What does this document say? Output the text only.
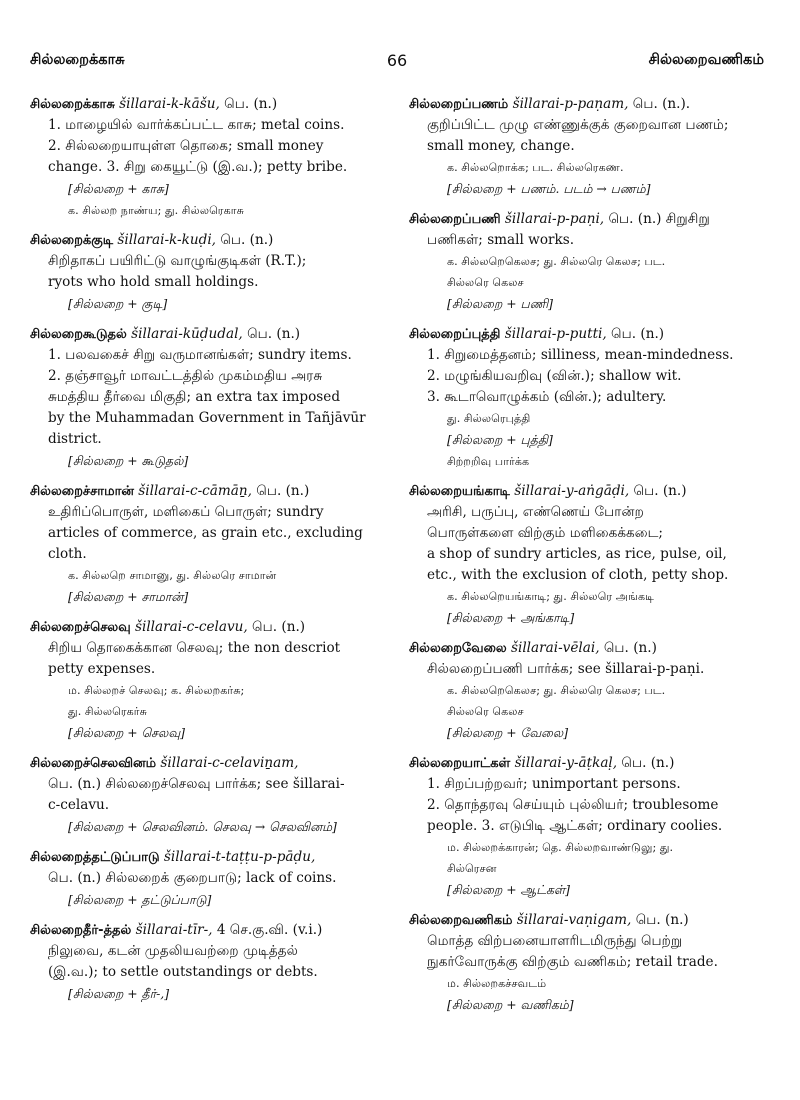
சில்லறைக்காசு	66	சில்லறைவணிகம்
சில்லறைக்காசு šillarai-k-kāšu, பெ. (n.)
1. மாழையில் வார்க்கப்பட்ட காசு; metal coins.
2. சில்லறையாயுள்ள தொகை; small money
change. 3. சிறு கையூட்டு (இ.வ.); petty bribe.
[சில்லறை + காசு]
க. சில்லற நாண்ய; து. சில்லரெகாசு
சில்லறைக்குடி šillarai-k-kuḍi, பெ. (n.)
சிறிதாகப் பயிரிட்டு வாழுங்குடிகள் (R.T.);
ryots who hold small holdings.
[சில்லறை + குடி]
சில்லறைகூடுதல் šillarai-kūḍudal, பெ. (n.)
1. பலவகைச் சிறு வருமானங்கள்; sundry items.
2. தஞ்சாவூர் மாவட்டத்தில் முகம்மதிய அரசு
சுமத்திய தீர்வை மிகுதி; an extra tax imposed
by the Muhammadan Government in Tañjāvūr
district.
[சில்லறை + கூடுதல்]
சில்லறைச்சாமான் šillarai-c-cāmāṉ, பெ. (n.)
உதிரிப்பொருள், மளிகைப் பொருள்; sundry
articles of commerce, as grain etc., excluding
cloth.
க. சில்லறெ சாமானு, து. சில்லரெ சாமான்
[சில்லறை + சாமான்]
சில்லறைச்செலவு šillarai-c-celavu, பெ. (n.)
சிறிய தொகைக்கான செலவு; the non descriot
petty expenses.
ம. சில்லறச் செலவு; க. சில்லறகர்சு;
து. சில்லரெகர்சு
[சில்லறை + செலவு]
சில்லறைச்செலவினம் šillarai-c-celaviṉam,
பெ. (n.) சில்லறைச்செலவு பார்க்க; see šillarai-
c-celavu.
[சில்லறை + செலவினம். செலவு → செலவினம்]
சில்லறைத்தட்டுப்பாடு šillarai-t-taṭṭu-p-pāḍu,
பெ. (n.) சில்லறைக் குறைபாடு; lack of coins.
[சில்லறை + தட்டுப்பாடு]
சில்லறைதீர்-த்தல் šillarai-tīr-, 4 செ.கு.வி. (v.i.)
நிலுவை, கடன் முதலியவற்றை முடித்தல்
(இ.வ.); to settle outstandings or debts.
[சில்லறை + தீர்-,]
சில்லறைப்பணம் šillarai-p-paṇam, பெ. (n.).
குறிப்பிட்ட முழு எண்ணுக்குக் குறைவான பணம்;
small money, change.
க. சில்லறொக்க; பட. சில்லரெகண.
[சில்லறை + பணம். படம் → பணம்]
சில்லறைப்பணி šillarai-p-paṇi, பெ. (n.) சிறுசிறு
பணிகள்; small works.
க. சில்லறெகெலச; து. சில்லரெ கெலச; பட.
சில்லரெ கெலச
[சில்லறை + பணி]
சில்லறைப்புத்தி šillarai-p-putti, பெ. (n.)
1. சிறுமைத்தனம்; silliness, mean-mindedness.
2. மழுங்கியவறிவு (வின்.); shallow wit.
3. கூடாவொழுக்கம் (வின்.); adultery.
து. சில்லரெபுத்தி
[சில்லறை + புத்தி]
சிற்றறிவு பார்க்க
சில்லறையங்காடி šillarai-y-aṅgāḍi, பெ. (n.)
அரிசி, பருப்பு, எண்ணெய் போன்ற
பொருள்களை விற்கும் மளிகைக்கடை;
a shop of sundry articles, as rice, pulse, oil,
etc., with the exclusion of cloth, petty shop.
க. சில்லறெயங்காடி; து. சில்லரெ அங்கடி
[சில்லறை + அங்காடி]
சில்லறைவேலை šillarai-vēlai, பெ. (n.)
சில்லறைப்பணி பார்க்க; see šillarai-p-paṇi.
க. சில்லறெகெலச; து. சில்லரெ கெலச; பட.
சில்லரெ கெலச
[சில்லறை + வேலை]
சில்லறையாட்கள் šillarai-y-āṭkaḷ, பெ. (n.)
1. சிறப்பற்றவர்; unimportant persons.
2. தொந்தரவு செய்யும் புல்லியர்; troublesome
people. 3. எடுபிடி ஆட்கள்; ordinary coolies.
ம. சில்லறக்காரன்; தெ. சில்லறவாண்டுலு; து.
சில்ரெசன
[சில்லறை + ஆட்கள்]
சில்லறைவணிகம் šillarai-vaṇigam, பெ. (n.)
மொத்த விற்பனையாளரிடமிருந்து பெற்று
நுகர்வோருக்கு விற்கும் வணிகம்; retail trade.
ம. சில்லறகச்சவடம்
[சில்லறை + வணிகம்]
